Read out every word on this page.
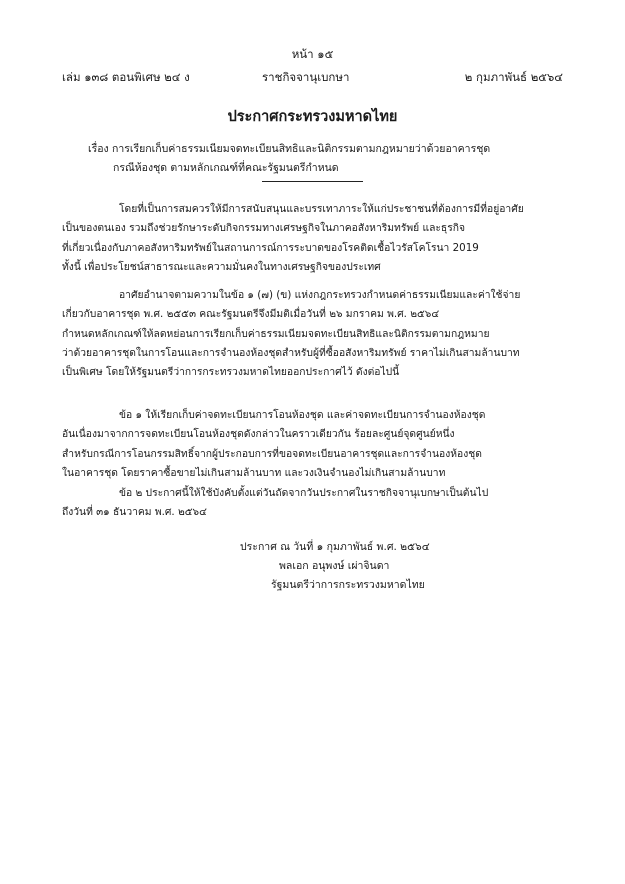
หน้า ๑๕
เล่ม ๑๓๘ ตอนพิเศษ ๒๔ ง	ราชกิจจานุเบกษา	๒ กุมภาพันธ์ ๒๕๖๔
ประกาศกระทรวงมหาดไทย
เรื่อง การเรียกเก็บค่าธรรมเนียมจดทะเบียนสิทธิและนิติกรรมตามกฎหมายว่าด้วยอาคารชุด
กรณีห้องชุด ตามหลักเกณฑ์ที่คณะรัฐมนตรีกำหนด

โดยที่เป็นการสมควรให้มีการสนับสนุนและบรรเทาภาระให้แก่ประชาชนที่ต้องการมีที่อยู่อาศัย
เป็นของตนเอง รวมถึงช่วยรักษาระดับกิจกรรมทางเศรษฐกิจในภาคอสังหาริมทรัพย์ และธุรกิจ
ที่เกี่ยวเนื่องกับภาคอสังหาริมทรัพย์ในสถานการณ์การระบาดของโรคติดเชื้อไวรัสโคโรนา 2019
ทั้งนี้ เพื่อประโยชน์สาธารณะและความมั่นคงในทางเศรษฐกิจของประเทศ

อาศัยอำนาจตามความในข้อ ๑ (๗) (ข) แห่งกฎกระทรวงกำหนดค่าธรรมเนียมและค่าใช้จ่าย
เกี่ยวกับอาคารชุด พ.ศ. ๒๕๕๓ คณะรัฐมนตรีจึงมีมติเมื่อวันที่ ๒๖ มกราคม พ.ศ. ๒๕๖๔
กำหนดหลักเกณฑ์ให้ลดหย่อนการเรียกเก็บค่าธรรมเนียมจดทะเบียนสิทธิและนิติกรรมตามกฎหมาย
ว่าด้วยอาคารชุดในการโอนและการจำนองห้องชุดสำหรับผู้ที่ซื้ออสังหาริมทรัพย์ ราคาไม่เกินสามล้านบาท
เป็นพิเศษ โดยให้รัฐมนตรีว่าการกระทรวงมหาดไทยออกประกาศไว้ ดังต่อไปนี้

ข้อ ๑ ให้เรียกเก็บค่าจดทะเบียนการโอนห้องชุด และค่าจดทะเบียนการจำนองห้องชุด
อันเนื่องมาจากการจดทะเบียนโอนห้องชุดดังกล่าวในคราวเดียวกัน ร้อยละศูนย์จุดศูนย์หนึ่ง
สำหรับกรณีการโอนกรรมสิทธิ์จากผู้ประกอบการที่ขอจดทะเบียนอาคารชุดและการจำนองห้องชุด
ในอาคารชุด โดยราคาซื้อขายไม่เกินสามล้านบาท และวงเงินจำนองไม่เกินสามล้านบาท

ข้อ ๒ ประกาศนี้ให้ใช้บังคับตั้งแต่วันถัดจากวันประกาศในราชกิจจานุเบกษาเป็นต้นไป
ถึงวันที่ ๓๑ ธันวาคม พ.ศ. ๒๕๖๔

ประกาศ ณ วันที่ ๑ กุมภาพันธ์ พ.ศ. ๒๕๖๔
พลเอก อนุพงษ์ เผ่าจินดา
รัฐมนตรีว่าการกระทรวงมหาดไทย
